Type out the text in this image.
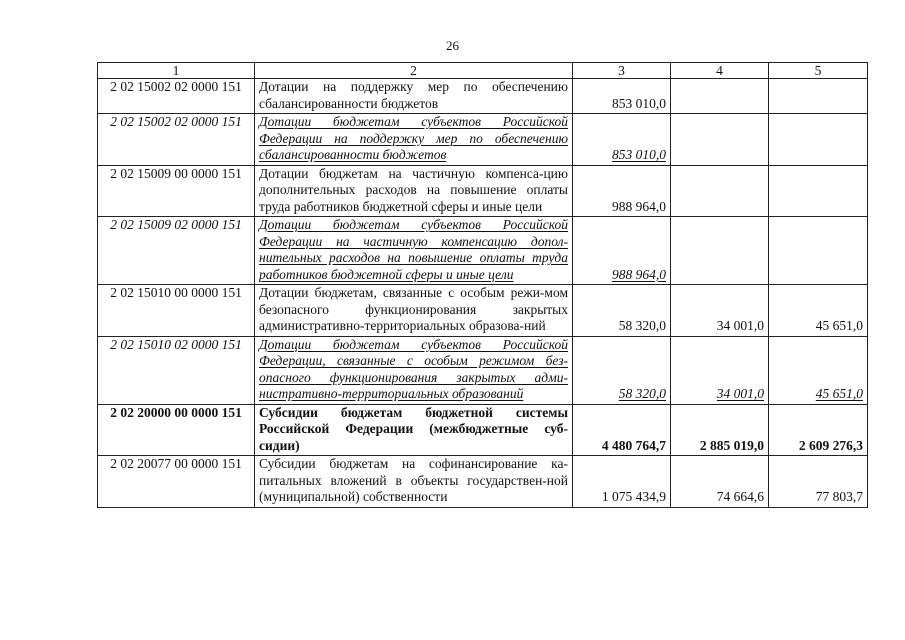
26
1	2	3	4	5
2 02 15002 02 0000 151	Дотации на поддержку мер по обеспечению сбалансированности бюджетов	853 010,0		
2 02 15002 02 0000 151	Дотации бюджетам субъектов Российской Федерации на поддержку мер по обеспечению сбалансированности бюджетов	853 010,0		
2 02 15009 00 0000 151	Дотации бюджетам на частичную компенса-цию дополнительных расходов на повышение оплаты труда работников бюджетной сферы и иные цели	988 964,0		
2 02 15009 02 0000 151	Дотации бюджетам субъектов Российской Федерации на частичную компенсацию допол-нительных расходов на повышение оплаты труда работников бюджетной сферы и иные цели	988 964,0		
2 02 15010 00 0000 151	Дотации бюджетам, связанные с особым режи-мом безопасного функционирования закрытых административно-территориальных образова-ний	58 320,0	34 001,0	45 651,0
2 02 15010 02 0000 151	Дотации бюджетам субъектов Российской Федерации, связанные с особым режимом без-опасного функционирования закрытых адми-нистративно-территориальных образований	58 320,0	34 001,0	45 651,0
2 02 20000 00 0000 151	Субсидии бюджетам бюджетной системы Российской Федерации (межбюджетные суб-сидии)	4 480 764,7	2 885 019,0	2 609 276,3
2 02 20077 00 0000 151	Субсидии бюджетам на софинансирование ка-питальных вложений в объекты государствен-ной (муниципальной) собственности	1 075 434,9	74 664,6	77 803,7
